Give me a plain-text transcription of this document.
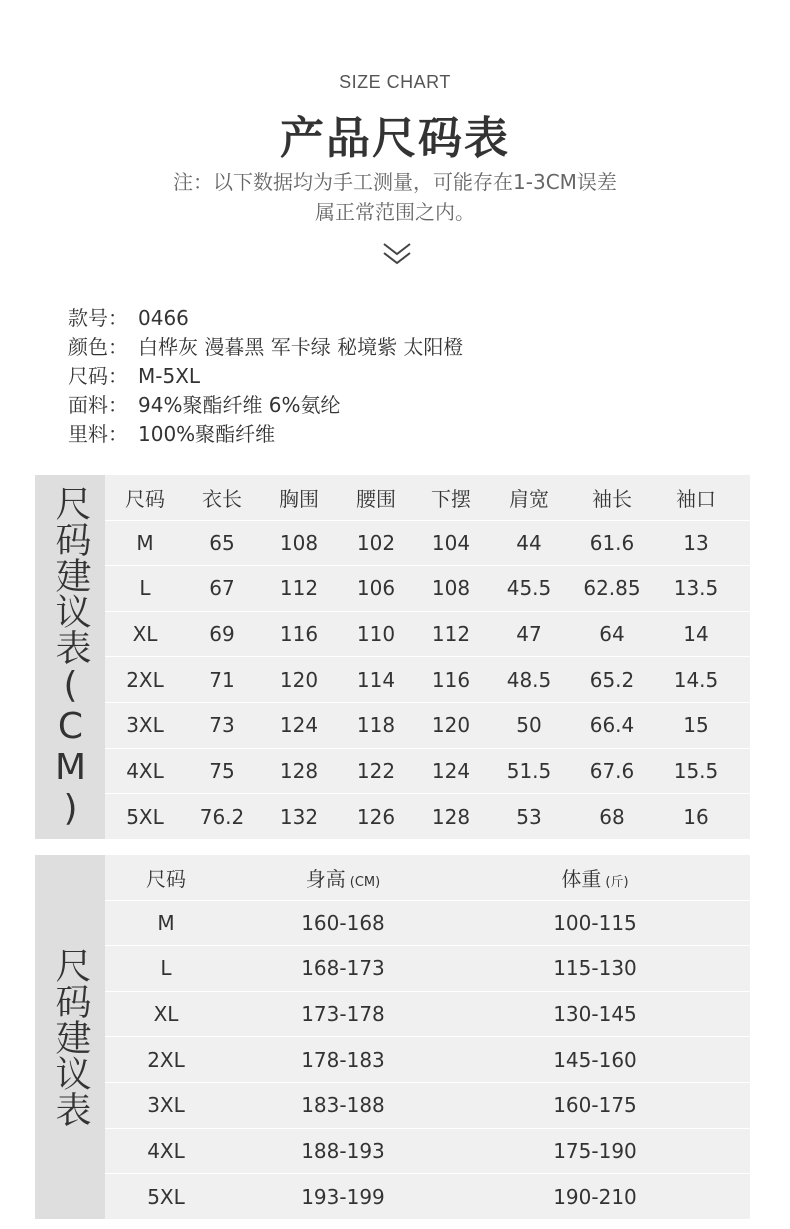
SIZE CHART
产品尺码表
注：以下数据均为手工测量，可能存在1-3CM误差
属正常范围之内。
款号： 0466
颜色： 白桦灰 漫暮黑 军卡绿 秘境紫 太阳橙
尺码： M-5XL
面料： 94%聚酯纤维 6%氨纶
里料： 100%聚酯纤维
尺码建议表(CM)	尺码	衣长	胸围	腰围	下摆	肩宽	袖长	袖口
M	65	108	102	104	44	61.6	13
L	67	112	106	108	45.5	62.85	13.5
XL	69	116	110	112	47	64	14
2XL	71	120	114	116	48.5	65.2	14.5
3XL	73	124	118	120	50	66.4	15
4XL	75	128	122	124	51.5	67.6	15.5
5XL	76.2	132	126	128	53	68	16
尺码建议表
尺码	身高 (CM)	体重 (斤)
M	160-168	100-115
L	168-173	115-130
XL	173-178	130-145
2XL	178-183	145-160
3XL	183-188	160-175
4XL	188-193	175-190
5XL	193-199	190-210
